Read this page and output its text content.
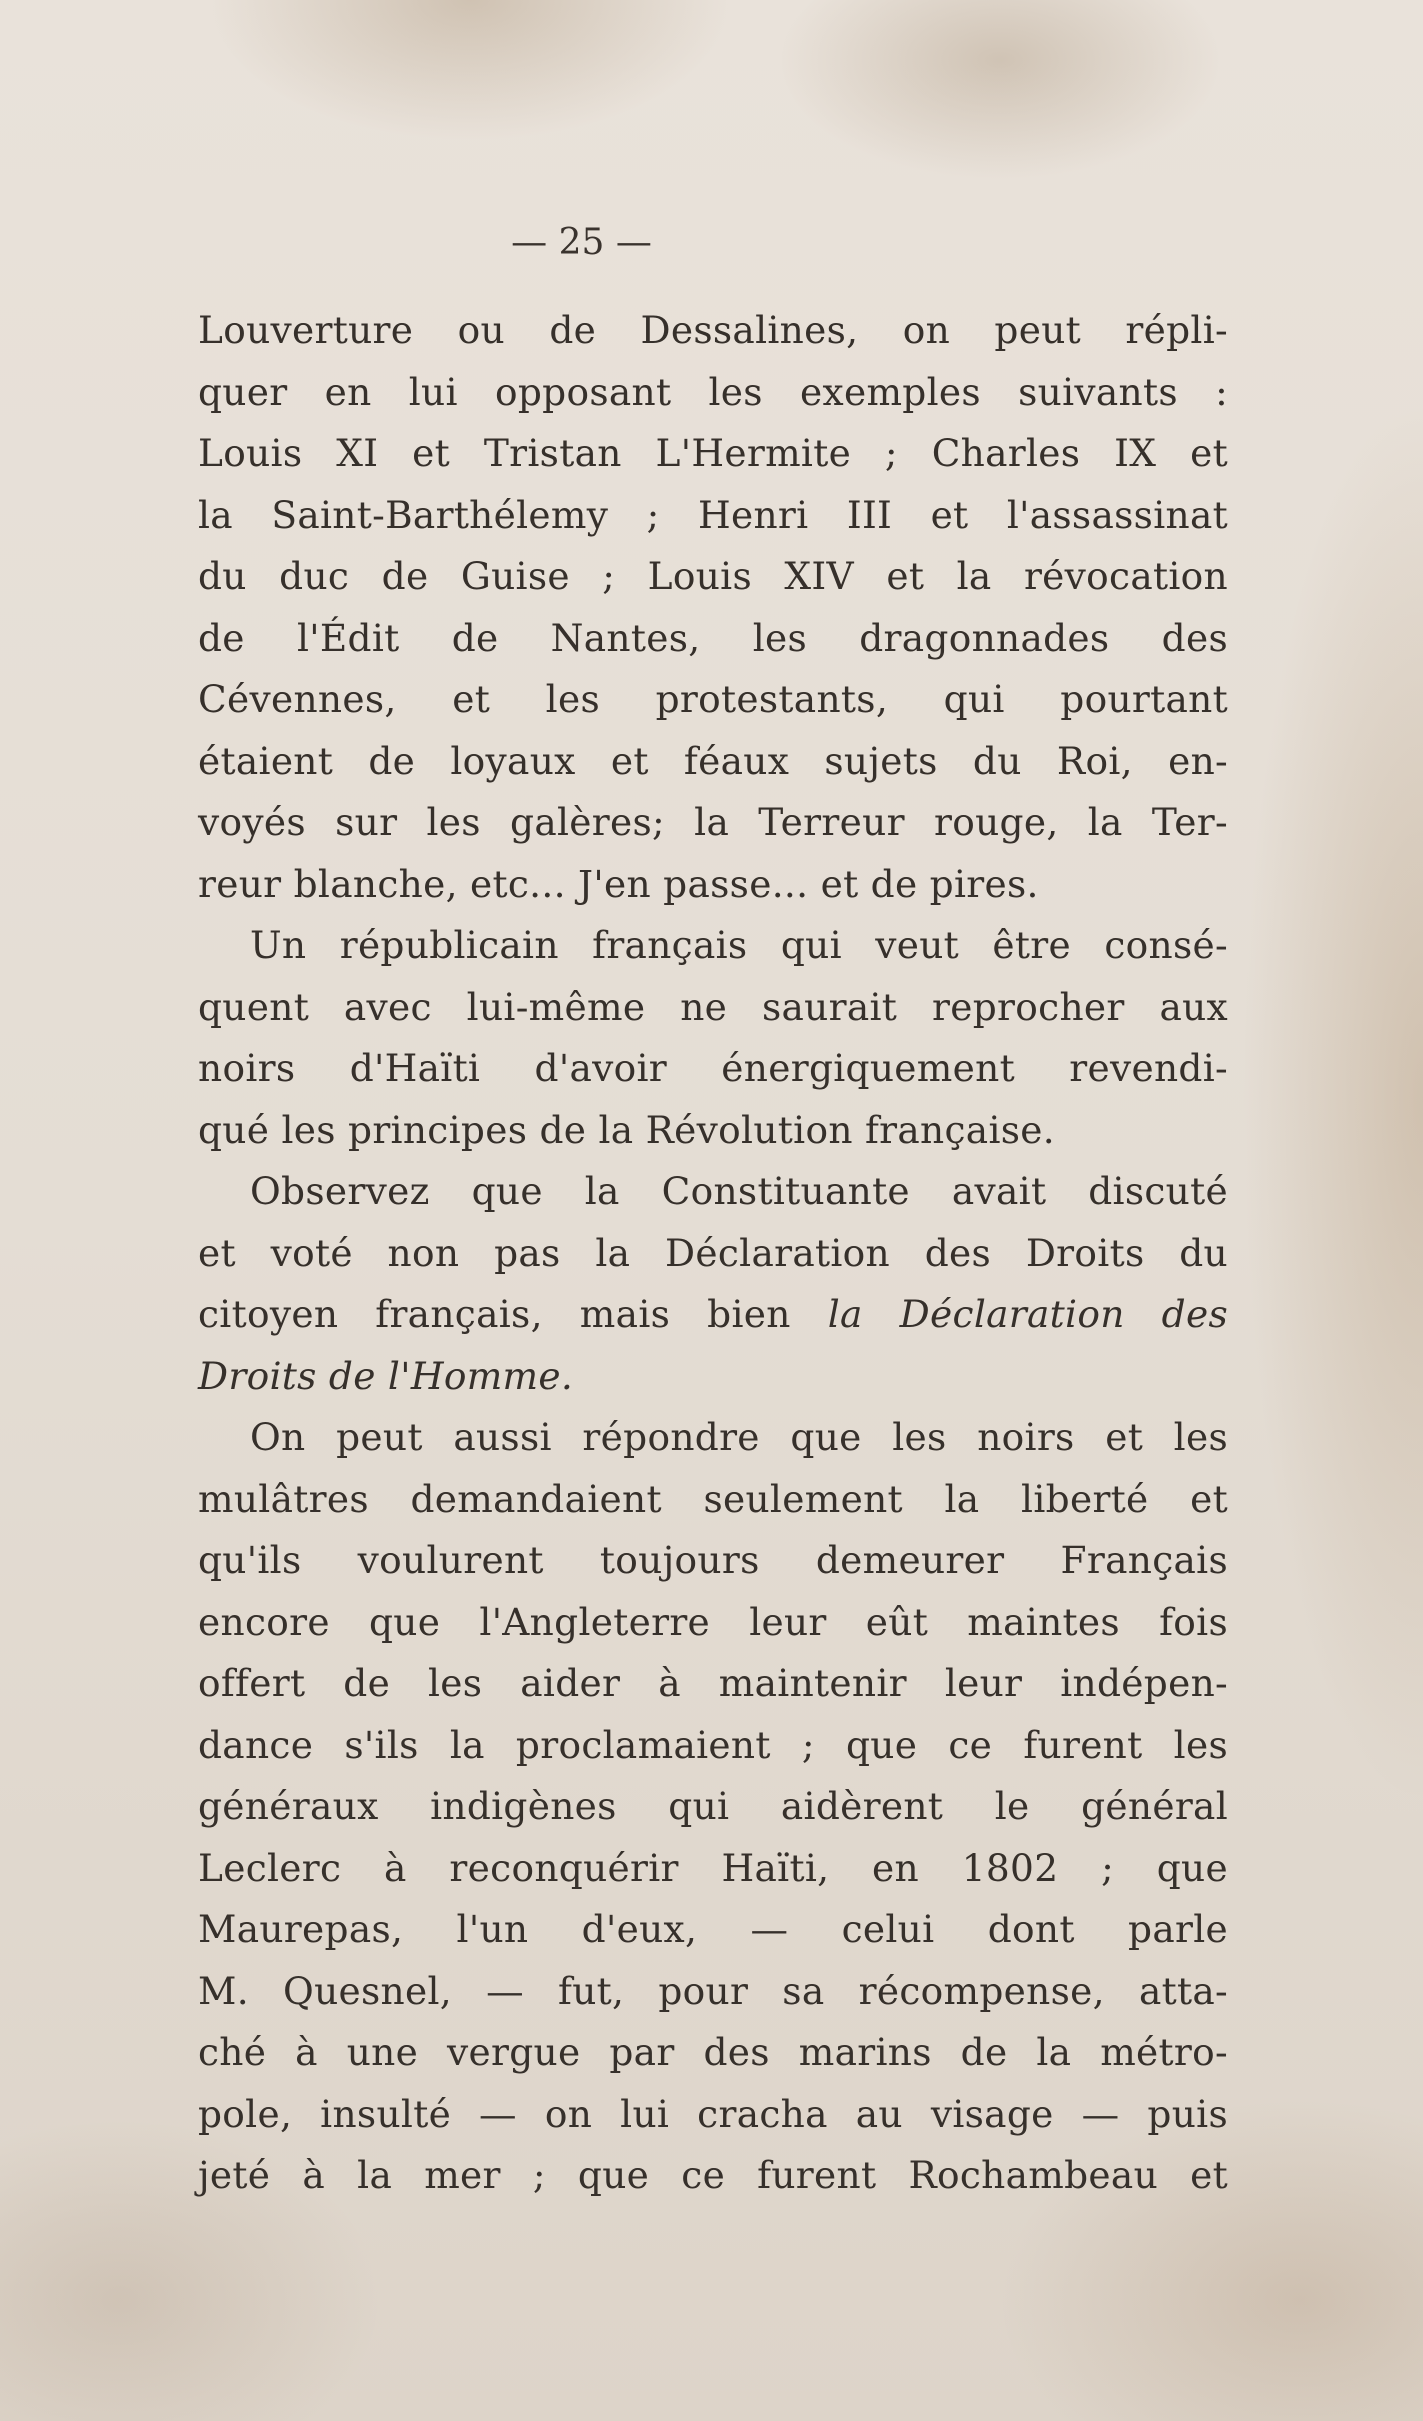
— 25 —
Louverture ou de Dessalines, on peut répli-
quer en lui opposant les exemples suivants :
Louis XI et Tristan L'Hermite ; Charles IX et
la Saint-Barthélemy ; Henri III et l'assassinat
du duc de Guise ; Louis XIV et la révocation
de l'Édit de Nantes, les dragonnades des
Cévennes, et les protestants, qui pourtant
étaient de loyaux et féaux sujets du Roi, en-
voyés sur les galères; la Terreur rouge, la Ter-
reur blanche, etc... J'en passe... et de pires.
Un républicain français qui veut être consé-
quent avec lui-même ne saurait reprocher aux
noirs d'Haïti d'avoir énergiquement revendi-
qué les principes de la Révolution française.
Observez que la Constituante avait discuté
et voté non pas la Déclaration des Droits du
citoyen français, mais bien la Déclaration des
Droits de l'Homme.
On peut aussi répondre que les noirs et les
mulâtres demandaient seulement la liberté et
qu'ils voulurent toujours demeurer Français
encore que l'Angleterre leur eût maintes fois
offert de les aider à maintenir leur indépen-
dance s'ils la proclamaient ; que ce furent les
généraux indigènes qui aidèrent le général
Leclerc à reconquérir Haïti, en 1802 ; que
Maurepas, l'un d'eux, — celui dont parle
M. Quesnel, — fut, pour sa récompense, atta-
ché à une vergue par des marins de la métro-
pole, insulté — on lui cracha au visage — puis
jeté à la mer ; que ce furent Rochambeau et
